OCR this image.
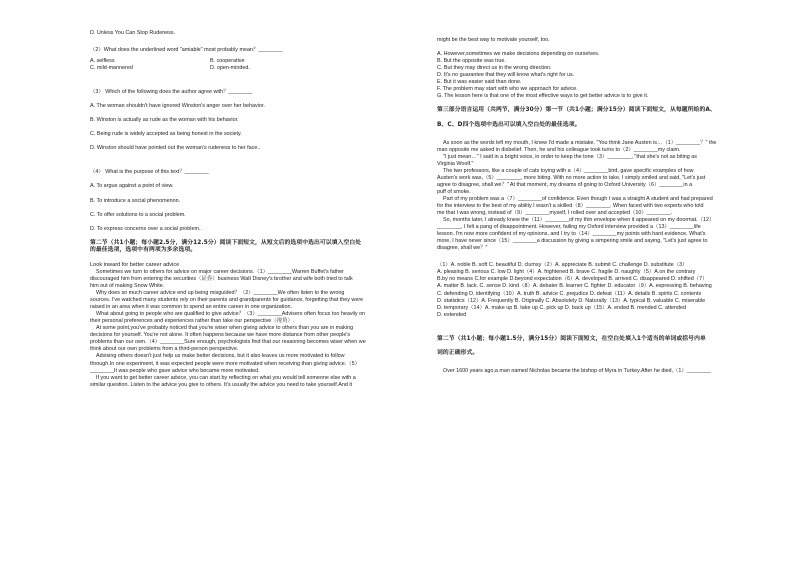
D. Unless You Can Stop Rudeness.

（2）What does the underlined word "amiable" most probably mean？________

A. selfless	B. cooperative
C. mild-mannered	D. open-minded.

（3） Which of the following does the author agree with？________

A. The woman shouldn't have ignored Winston's anger over her behavior.

B. Winston is actually as rude as the woman with his behavior.

C. Being rude is widely accepted as being honest in the society.

D. Winston should have pointed out the woman's rudeness to her face..

（4） What is the purpose of this text？________

A. To argue against a point of view.

B. To introduce a social phenomenon.

C. To offer solutions to a social problem.

D. To express concerns over a social problem..

第二节（共1小题；每小题2.5分，满分12.5分）阅读下面短文，从短文后的选项中选出可以填入空白处

的最佳选项，选项中有两项为多余选项。

Look inward for better career advice

Sometimes we turn to others for advice on major career decisions.（1）________Warren Buffet's father

discouraged him from entering the securities（证券）business Walt Disney's brother and wife both tried to talk

him out of making Snow White.

Why does so much career advice end up being misguided？（2）________We often listen to the wrong

sources. I've watched many students rely on their parents and grandparents for guidance, forgetting that they were

raised in an area when it was common to spend an entire career in one organization.

What about going to people who are qualified to give advice？（3）________Advisers often focus too heavily on

their personal preferences and experiences rather than take our perspective（视角）.

At some point,you've probably noticed that you're wiser when giving advice to others than you are in making

decisions for yourself. You're not alone. It often happens because we have more distance from other people's

problems than our own.（4）________Sure enough, psychologists find that our reasoning becomes wiser when we

think about our own problems from a third-person perspective.

Advising others doesn't just help us make better decisions, but it also leaves us more motivated to follow

through.In one experiment, it was expected people were more motivated when receiving than giving advice.（5）

________It was people who gave advice who became more motivated.

If you want to get better career advice, you can start by reflecting on what you would tell someone else with a

similar question. Listen to the advice you give to others. It's usually the advice you need to take yourself.And it

might be the best way to motivate yourself, too.

A. However,sometimes we make decisions depending on ourselves.

B. But the opposite was true.

C. But they may direct us in the wrong direction.

D. It's no guarantee that they will know what's right for us.

E. But it was easier said than done.

F. The problem may start with who we approach for advice.

G. The lesson here is that one of the most effective ways to get better advice is to give it.

第三部分语言运用（共两节，满分30分）第一节（共1小题；满分15分）阅读下面短文，从每题所给的A、

B、C、D四个选项中选出可以填入空白处的最佳选项。

As soon as the words left my mouth, I knew I'd made a mistake. "You think Jane Austen is…（1）________？" the

man opposite me asked in disbelief. Then, he and his colleague took turns to（2）________my claim.

"I just mean…" I said in a bright voice, in order to keep the tone（3）________, "that she's not as biting as

Virginia Woolf."

The two professors, like a couple of cats toying with a（4）________bird, gave specific examples of how

Austen's work was,（5）________, more biting. With no more action to take, I simply smiled and said, "Let's just

agree to disagree, shall we？" At that moment, my dreams of going to Oxford University（6）________in a

puff of smoke.

Part of my problem was a（7）________of confidence. Even though I was a straight A student and had prepared

for the interview to the best of my ability I wasn't a skilled（8）________. When faced with two experts who told

me that I was wrong, instead of（9）________myself, I rolled over and accepted（10）________.

So, months later, I already knew the（11）________of my thin envelope when it appeared on my doormat.（12）

________, I felt a pang of disappointment. However, failing my Oxford interview provided a（13）________life

lesson. I'm now more confident of my opinions, and I try to（14）________my points with hard evidence. What's

more, I have never since（15）________a discussion by giving a simpering smile and saying, "Let's just agree to

disagree, shall we？"

（1）A. noble B. soft C. beautiful D. clumsy（2）A. appreciate B. submit C. challenge D. substitute（3）

A. pleasing B. serious C. low D. light（4）A. frightened B. brave C. fragile D. naughty（5）A.on the contrary

B.by no means C.for example D.beyond expectation（6）A. developed B. arrived C. disappeared D. shifted（7）

A. matter B. lack. C. sense D. kind（8）A. debater B. learner C. fighter D. educator（9）A. expressing B. behaving

C. defending D. identifying（10）A. truth B. advice C. prejudice D. defeat（11）A. details B. spirits C. contents

D. statistics（12）A. Frequently B. Originally C. Absolutely D. Naturally（13）A. typical B. valuable C. miserable

D. temporary（14）A. make up B. take up C. pick up D. back up（15）A. ended B. mended C. attended

D. extended

第二节（共1小题；每小题1.5分，满分15分）阅读下面短文，在空白处填入1个适当的单词或括号内单

词的正确形式。

Over 1600 years ago,a man named Nicholas became the bishop of Myra in Turkey.After he died,（1）________
